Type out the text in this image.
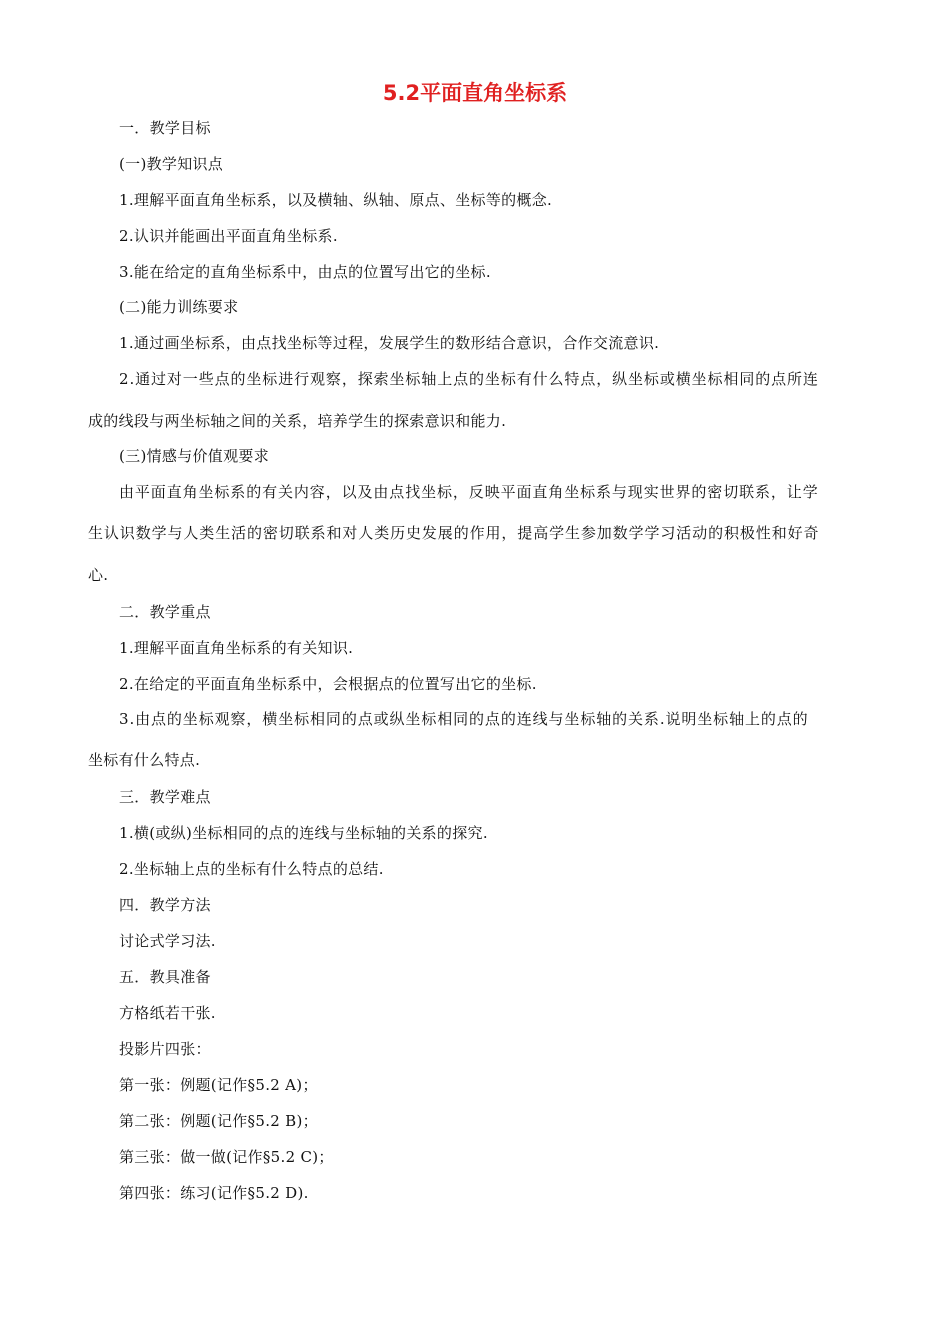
5.2平面直角坐标系
一．教学目标
(一)教学知识点
1.理解平面直角坐标系，以及横轴、纵轴、原点、坐标等的概念.
2.认识并能画出平面直角坐标系.
3.能在给定的直角坐标系中，由点的位置写出它的坐标.
(二)能力训练要求
1.通过画坐标系，由点找坐标等过程，发展学生的数形结合意识，合作交流意识.
2.通过对一些点的坐标进行观察，探索坐标轴上点的坐标有什么特点，纵坐标或横坐标相同的点所连
成的线段与两坐标轴之间的关系，培养学生的探索意识和能力.
(三)情感与价值观要求
由平面直角坐标系的有关内容，以及由点找坐标，反映平面直角坐标系与现实世界的密切联系，让学
生认识数学与人类生活的密切联系和对人类历史发展的作用，提高学生参加数学学习活动的积极性和好奇
心.
二．教学重点
1.理解平面直角坐标系的有关知识.
2.在给定的平面直角坐标系中，会根据点的位置写出它的坐标.
3.由点的坐标观察，横坐标相同的点或纵坐标相同的点的连线与坐标轴的关系.说明坐标轴上的点的
坐标有什么特点.
三．教学难点
1.横(或纵)坐标相同的点的连线与坐标轴的关系的探究.
2.坐标轴上点的坐标有什么特点的总结.
四．教学方法
讨论式学习法.
五．教具准备
方格纸若干张.
投影片四张：
第一张：例题(记作§5.2 A)；
第二张：例题(记作§5.2 B)；
第三张：做一做(记作§5.2 C)；
第四张：练习(记作§5.2 D).
